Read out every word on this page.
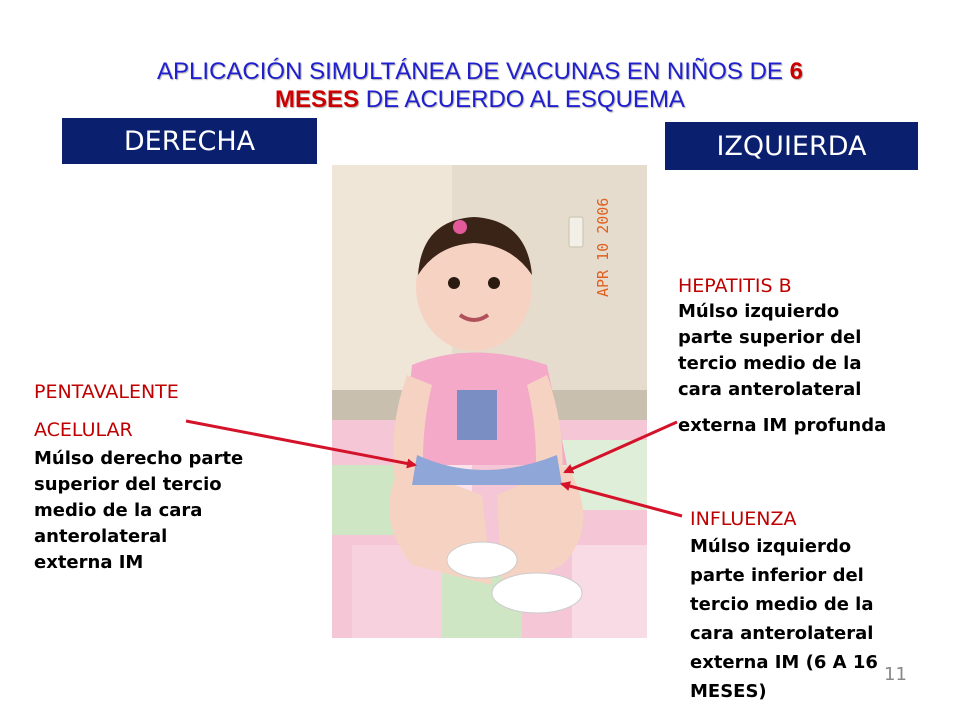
APLICACIÓN SIMULTÁNEA DE VACUNAS EN NIÑOS DE 6
MESES DE ACUERDO AL ESQUEMA
DERECHA	IZQUIERDA
APR 10 2006	HEPATITIS B
Múlso izquierdo
parte superior del
tercio medio de la
cara anterolateral
externa IM profunda
PENTAVALENTE
ACELULAR
Múlso derecho parte
superior del tercio
medio de la cara
anterolateral
externa IM
INFLUENZA
Múlso izquierdo
parte inferior del
tercio medio de la
cara anterolateral
externa IM (6 A 16
MESES)
11
